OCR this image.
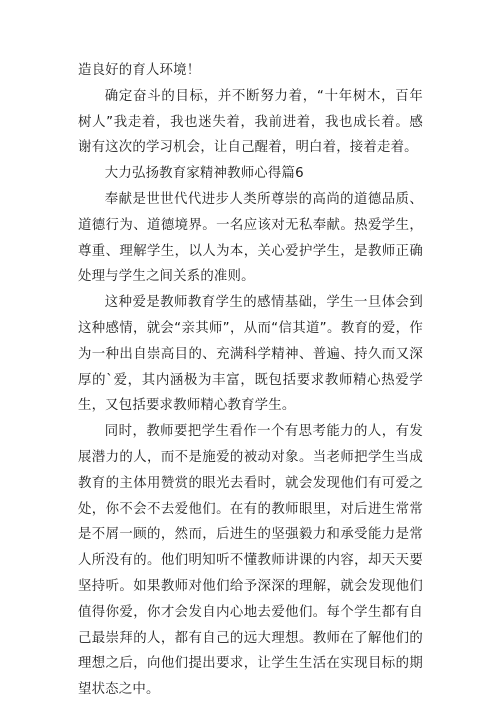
造良好的育人环境！

确定奋斗的目标，并不断努力着，“十年树木，百年树人”我走着，我也迷失着，我前进着，我也成长着。感谢有这次的学习机会，让自己醒着，明白着，接着走着。

大力弘扬教育家精神教师心得篇6

奉献是世世代代进步人类所尊崇的高尚的道德品质、道德行为、道德境界。一名应该对无私奉献。热爱学生，尊重、理解学生，以人为本，关心爱护学生，是教师正确处理与学生之间关系的准则。

这种爱是教师教育学生的感情基础，学生一旦体会到这种感情，就会“亲其师”，从而“信其道”。教育的爱，作为一种出自崇高目的、充满科学精神、普遍、持久而又深厚的`爱，其内涵极为丰富，既包括要求教师精心热爱学生，又包括要求教师精心教育学生。

同时，教师要把学生看作一个有思考能力的人，有发展潜力的人，而不是施爱的被动对象。当老师把学生当成教育的主体用赞赏的眼光去看时，就会发现他们有可爱之处，你不会不去爱他们。在有的教师眼里，对后进生常常是不屑一顾的，然而，后进生的坚强毅力和承受能力是常人所没有的。他们明知听不懂教师讲课的内容，却天天要坚持听。如果教师对他们给予深深的理解，就会发现他们值得你爱，你才会发自内心地去爱他们。每个学生都有自己最崇拜的人，都有自己的远大理想。教师在了解他们的理想之后，向他们提出要求，让学生生活在实现目标的期望状态之中。
